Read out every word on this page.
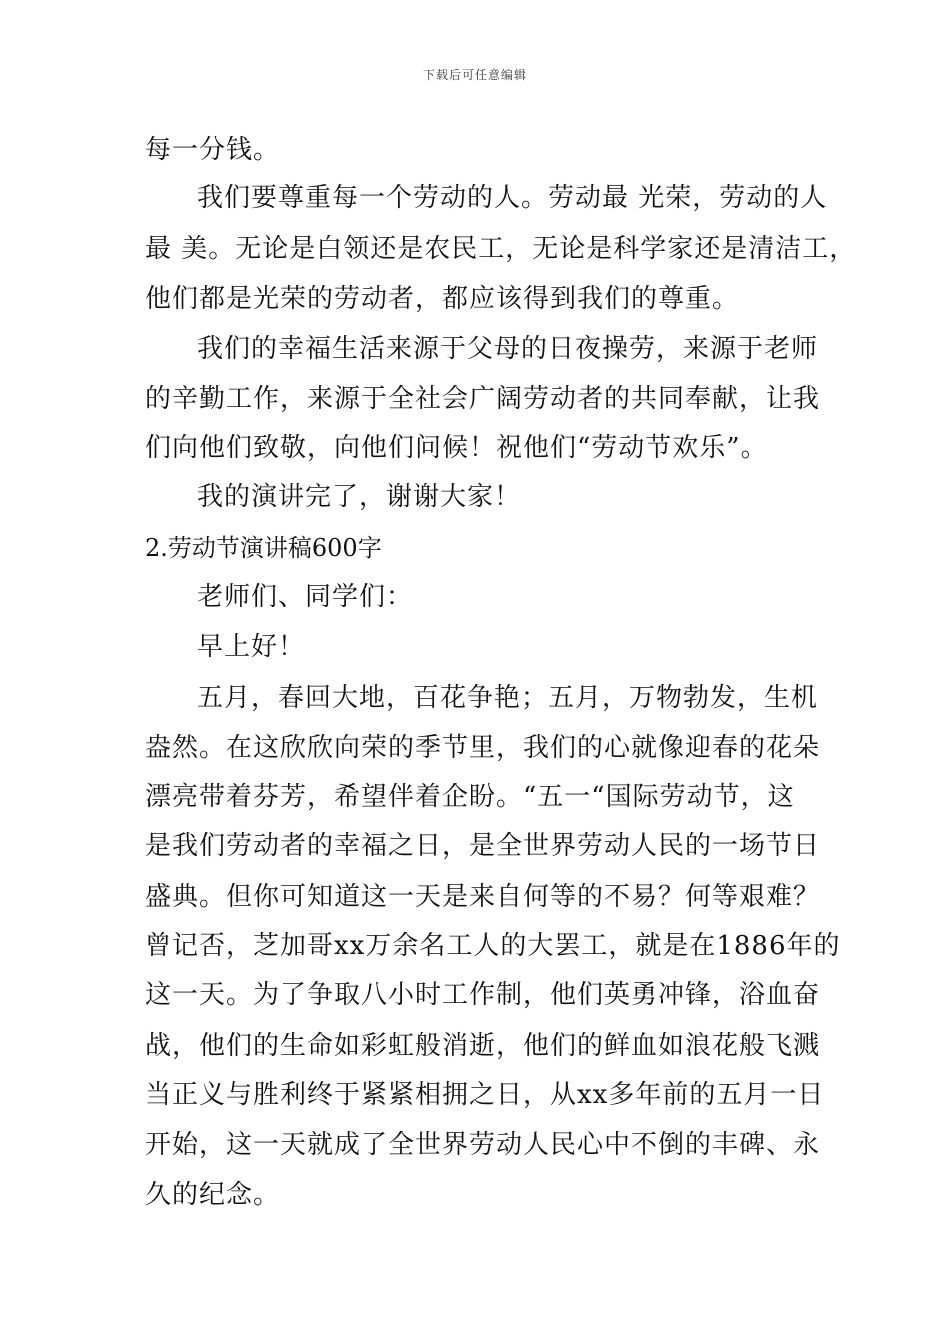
下载后可任意编辑
每一分钱。
我们要尊重每一个劳动的人。劳动最 光荣，劳动的人
最 美。无论是白领还是农民工，无论是科学家还是清洁工，
他们都是光荣的劳动者，都应该得到我们的尊重。
我们的幸福生活来源于父母的日夜操劳，来源于老师
的辛勤工作，来源于全社会广阔劳动者的共同奉献，让我
们向他们致敬，向他们问候！祝他们“劳动节欢乐”。
我的演讲完了，谢谢大家！
2.劳动节演讲稿600字
老师们、同学们：
早上好！
五月，春回大地，百花争艳；五月，万物勃发，生机
盎然。在这欣欣向荣的季节里，我们的心就像迎春的花朵
漂亮带着芬芳，希望伴着企盼。“五一“国际劳动节，这
是我们劳动者的幸福之日，是全世界劳动人民的一场节日
盛典。但你可知道这一天是来自何等的不易？何等艰难？
曾记否，芝加哥xx万余名工人的大罢工，就是在1886年的
这一天。为了争取八小时工作制，他们英勇冲锋，浴血奋
战，他们的生命如彩虹般消逝，他们的鲜血如浪花般飞溅
当正义与胜利终于紧紧相拥之日，从xx多年前的五月一日
开始，这一天就成了全世界劳动人民心中不倒的丰碑、永
久的纪念。
